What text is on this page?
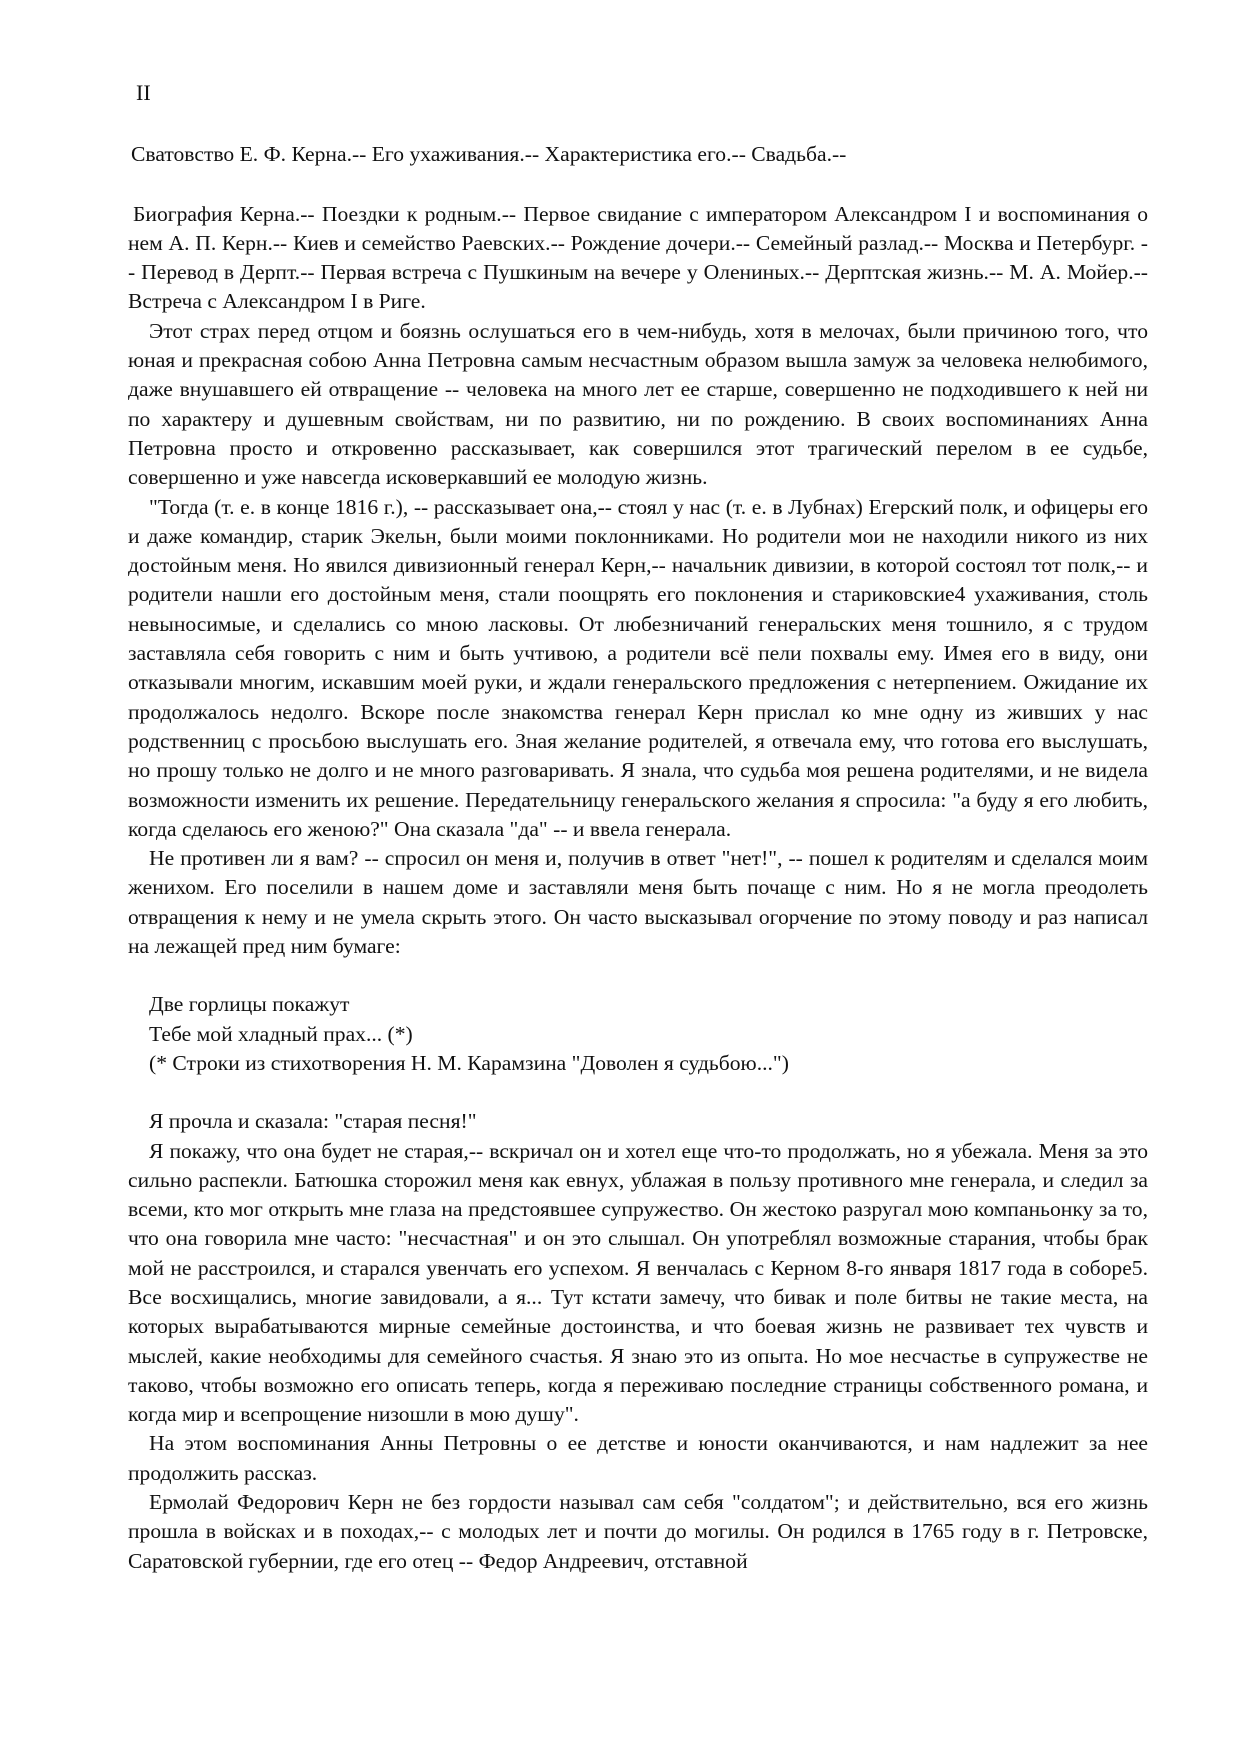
II

Сватовство Е. Ф. Керна.-- Его ухаживания.-- Характеристика его.-- Свадьба.--

Биография Керна.-- Поездки к родным.-- Первое свидание с императором Александром I и воспоминания о нем А. П. Керн.-- Киев и семейство Раевских.-- Рождение дочери.-- Семейный разлад.-- Москва и Петербург. -- Перевод в Дерпт.-- Первая встреча с Пушкиным на вечере у Олениных.-- Дерптская жизнь.-- М. А. Мойер.-- Встреча с Александром I в Риге.

Этот страх перед отцом и боязнь ослушаться его в чем-нибудь, хотя в мелочах, были причиною того, что юная и прекрасная собою Анна Петровна самым несчастным образом вышла замуж за человека нелюбимого, даже внушавшего ей отвращение -- человека на много лет ее старше, совершенно не подходившего к ней ни по характеру и душевным свойствам, ни по развитию, ни по рождению. В своих воспоминаниях Анна Петровна просто и откровенно рассказывает, как совершился этот трагический перелом в ее судьбе, совершенно и уже навсегда исковеркавший ее молодую жизнь.

"Тогда (т. е. в конце 1816 г.), -- рассказывает она,-- стоял у нас (т. е. в Лубнах) Егерский полк, и офицеры его и даже командир, старик Экельн, были моими поклонниками. Но родители мои не находили никого из них достойным меня. Но явился дивизионный генерал Керн,-- начальник дивизии, в которой состоял тот полк,-- и родители нашли его достойным меня, стали поощрять его поклонения и стариковские4 ухаживания, столь невыносимые, и сделались со мною ласковы. От любезничаний генеральских меня тошнило, я с трудом заставляла себя говорить с ним и быть учтивою, а родители всё пели похвалы ему. Имея его в виду, они отказывали многим, искавшим моей руки, и ждали генеральского предложения с нетерпением. Ожидание их продолжалось недолго. Вскоре после знакомства генерал Керн прислал ко мне одну из живших у нас родственниц с просьбою выслушать его. Зная желание родителей, я отвечала ему, что готова его выслушать, но прошу только не долго и не много разговаривать. Я знала, что судьба моя решена родителями, и не видела возможности изменить их решение. Передательницу генеральского желания я спросила: "а буду я его любить, когда сделаюсь его женою?" Она сказала "да" -- и ввела генерала.

Не противен ли я вам? -- спросил он меня и, получив в ответ "нет!", -- пошел к родителям и сделался моим женихом. Его поселили в нашем доме и заставляли меня быть почаще с ним. Но я не могла преодолеть отвращения к нему и не умела скрыть этого. Он часто высказывал огорчение по этому поводу и раз написал на лежащей пред ним бумаге:

Две горлицы покажут
Тебе мой хладный прах... (*)
(* Строки из стихотворения Н. М. Карамзина "Доволен я судьбою...")

Я прочла и сказала: "старая песня!"

Я покажу, что она будет не старая,-- вскричал он и хотел еще что-то продолжать, но я убежала. Меня за это сильно распекли. Батюшка сторожил меня как евнух, ублажая в пользу противного мне генерала, и следил за всеми, кто мог открыть мне глаза на предстоявшее супружество. Он жестоко разругал мою компаньонку за то, что она говорила мне часто: "несчастная" и он это слышал. Он употреблял возможные старания, чтобы брак мой не расстроился, и старался увенчать его успехом. Я венчалась с Керном 8-го января 1817 года в соборе5. Все восхищались, многие завидовали, а я... Тут кстати замечу, что бивак и поле битвы не такие места, на которых вырабатываются мирные семейные достоинства, и что боевая жизнь не развивает тех чувств и мыслей, какие необходимы для семейного счастья. Я знаю это из опыта. Но мое несчастье в супружестве не таково, чтобы возможно его описать теперь, когда я переживаю последние страницы собственного романа, и когда мир и всепрощение низошли в мою душу".

На этом воспоминания Анны Петровны о ее детстве и юности оканчиваются, и нам надлежит за нее продолжить рассказ.

Ермолай Федорович Керн не без гордости называл сам себя "солдатом"; и действительно, вся его жизнь прошла в войсках и в походах,-- с молодых лет и почти до могилы. Он родился в 1765 году в г. Петровске, Саратовской губернии, где его отец -- Федор Андреевич, отставной
